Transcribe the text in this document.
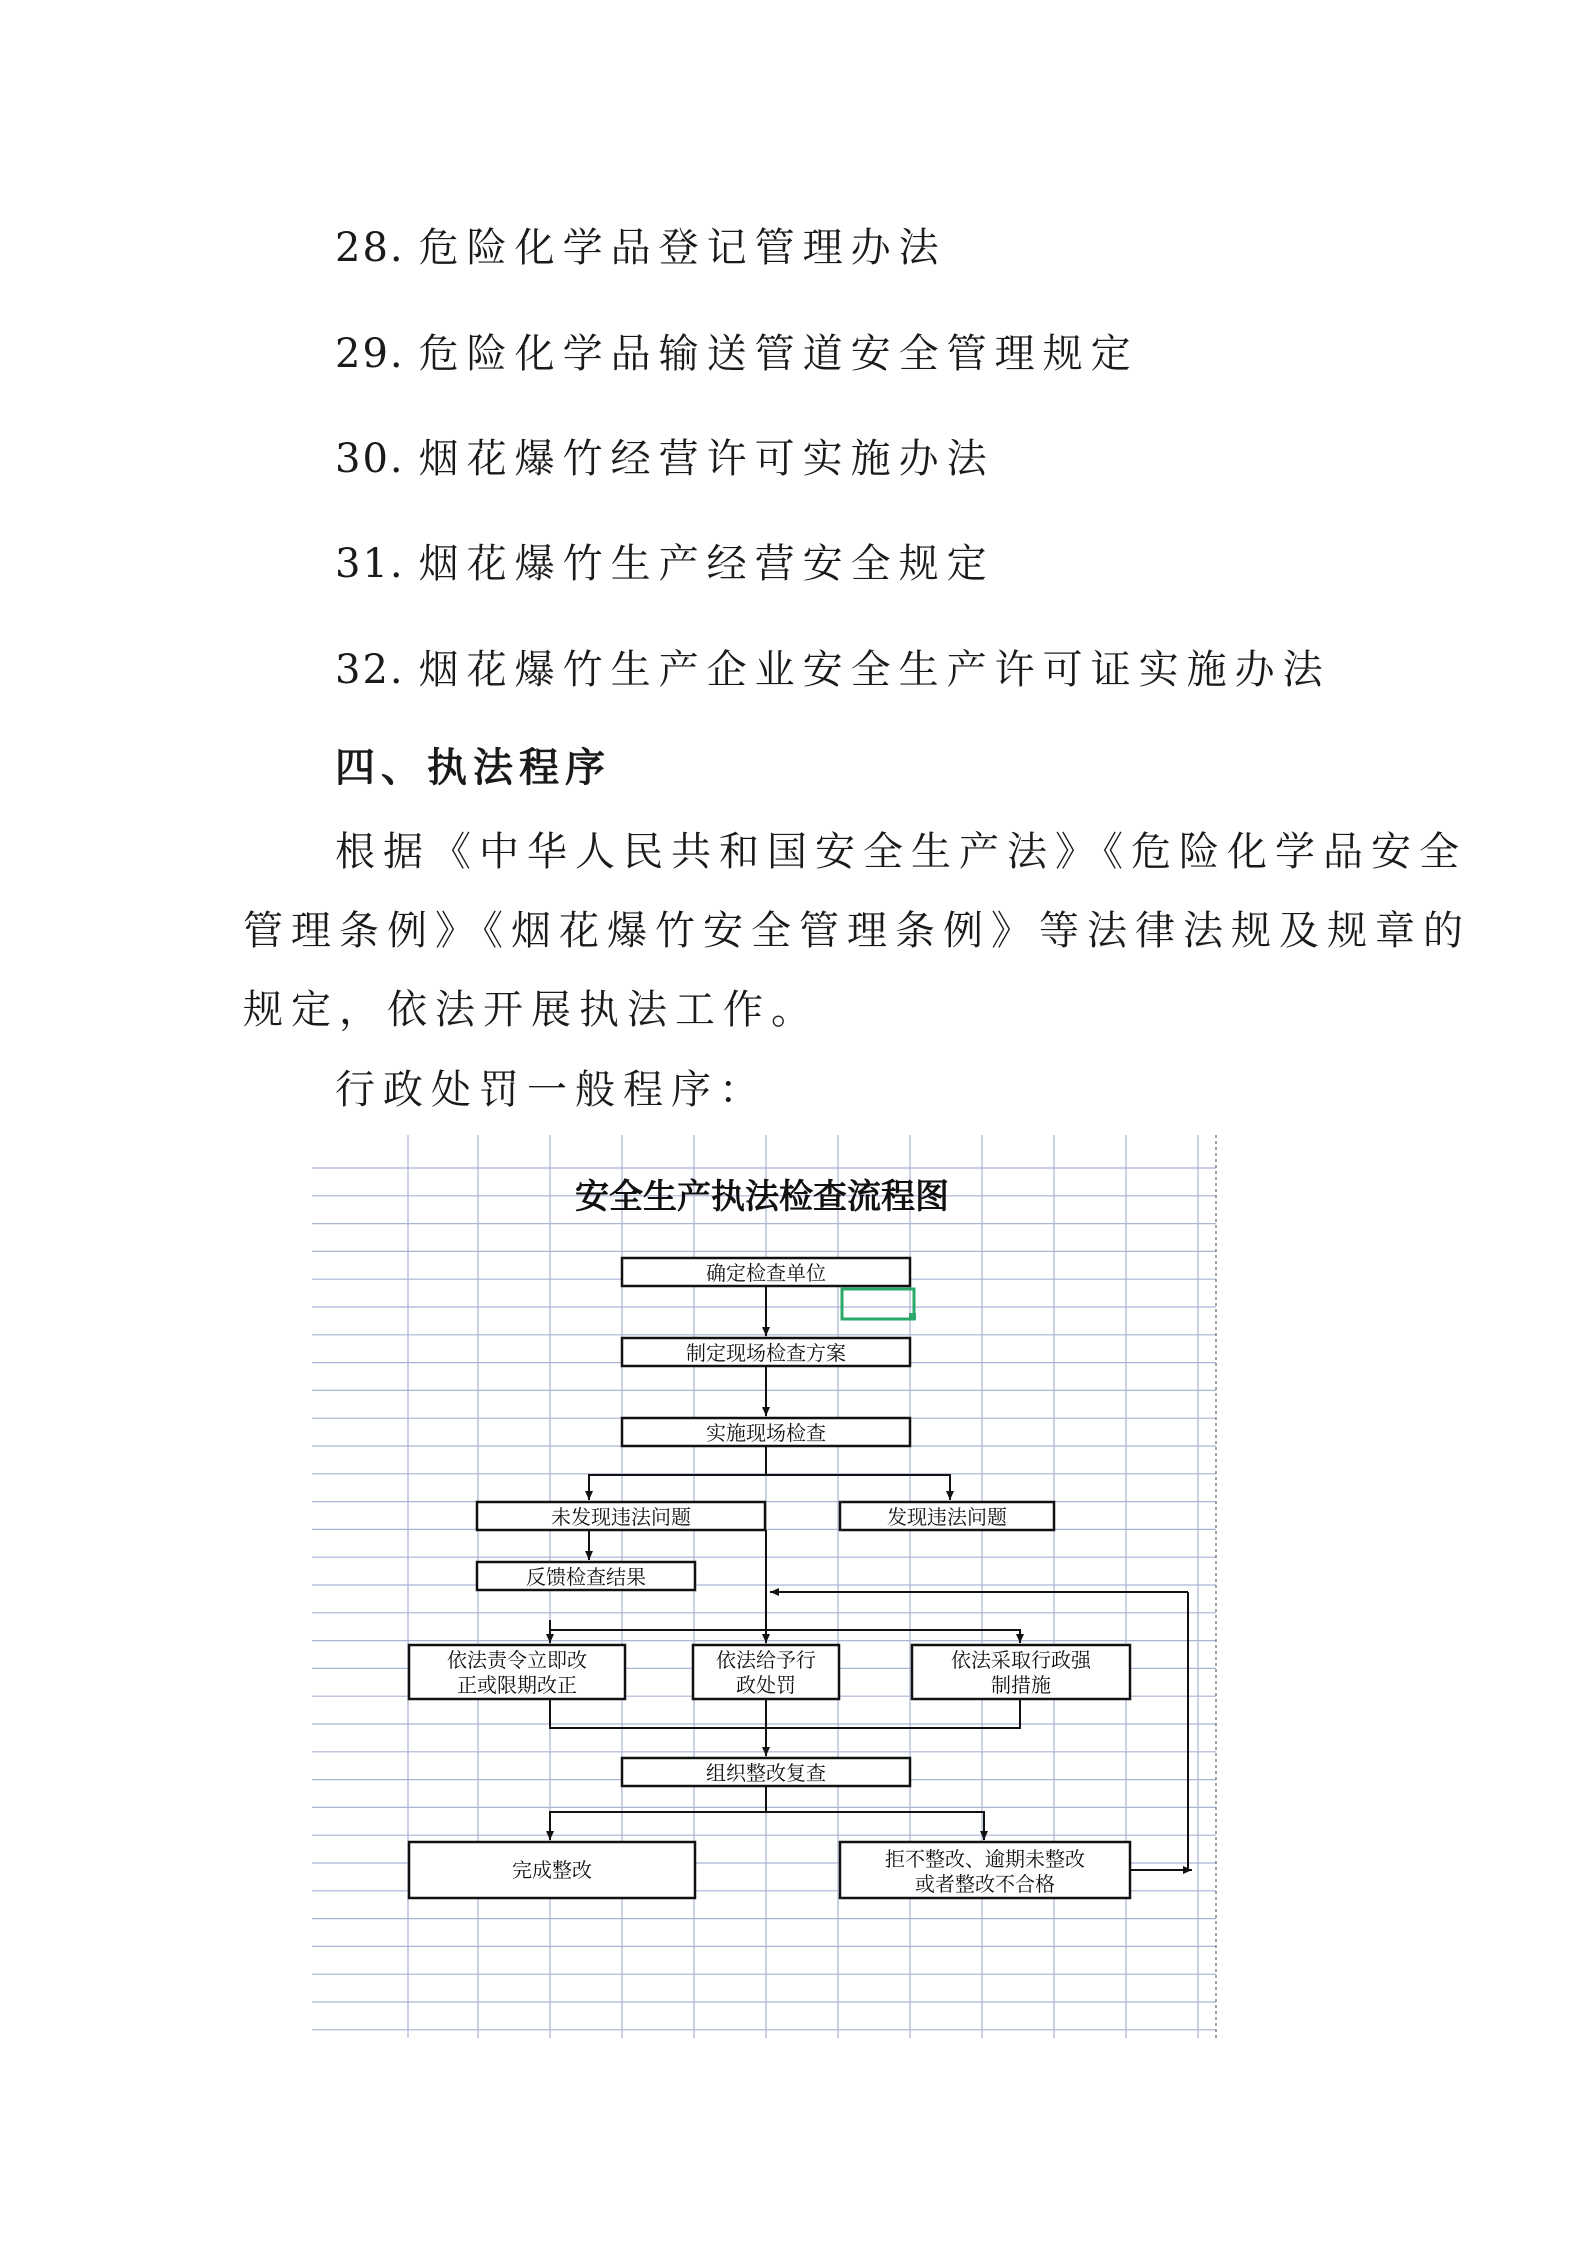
28. 危险化学品登记管理办法
29. 危险化学品输送管道安全管理规定
30. 烟花爆竹经营许可实施办法
31. 烟花爆竹生产经营安全规定
32. 烟花爆竹生产企业安全生产许可证实施办法
四、执法程序
根据《中华人民共和国安全生产法》《危险化学品安全
管理条例》《烟花爆竹安全管理条例》等法律法规及规章的
规定，依法开展执法工作。
行政处罚一般程序：
安全生产执法检查流程图
确定检查单位
制定现场检查方案
实施现场检查
未发现违法问题	发现违法问题
反馈检查结果
依法责令立即改
正或限期改正
依法给予行
政处罚
依法采取行政强
制措施
组织整改复查
完成整改	拒不整改、逾期未整改
或者整改不合格
